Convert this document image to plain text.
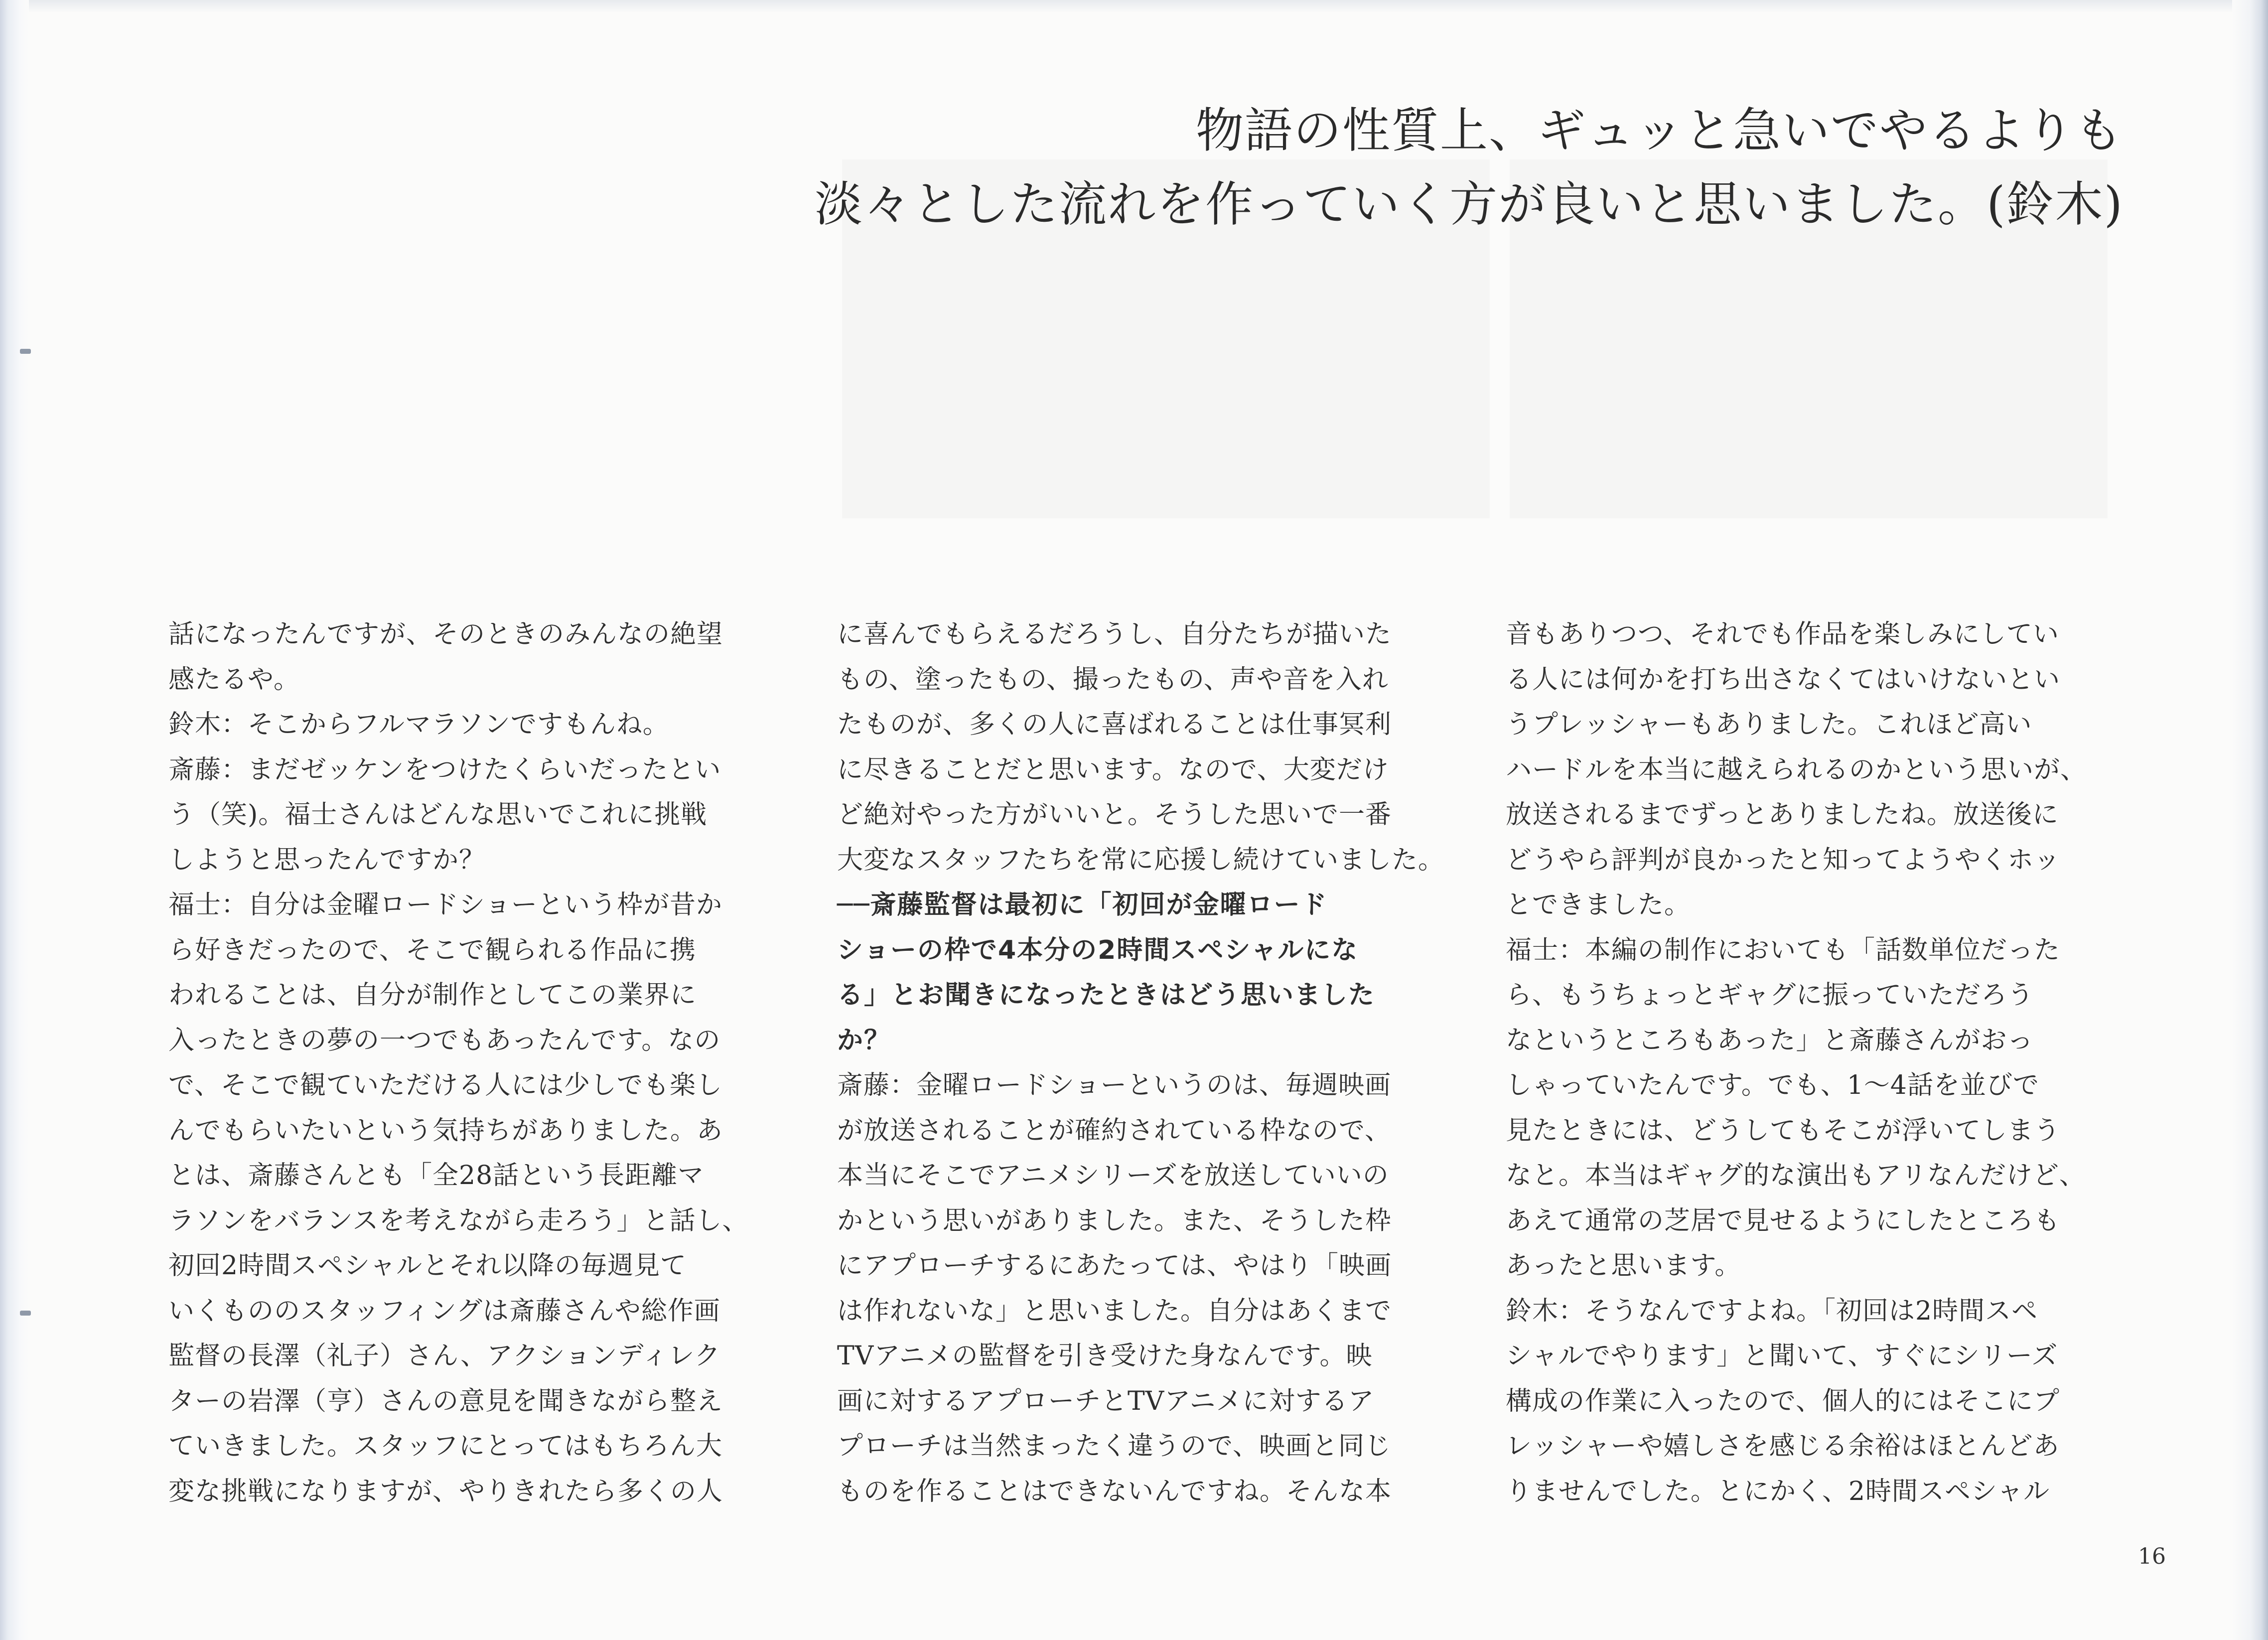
物語の性質上、ギュッと急いでやるよりも
淡々とした流れを作っていく方が良いと思いました。(鈴木)
話になったんですが、そのときのみんなの絶望
感たるや。
鈴木：そこからフルマラソンですもんね。
斎藤：まだゼッケンをつけたくらいだったとい
う（笑)。福士さんはどんな思いでこれに挑戦
しようと思ったんですか？
福士：自分は金曜ロードショーという枠が昔か
ら好きだったので、そこで観られる作品に携
われることは、自分が制作としてこの業界に
入ったときの夢の一つでもあったんです。なの
で、そこで観ていただける人には少しでも楽し
んでもらいたいという気持ちがありました。あ
とは、斎藤さんとも「全28話という長距離マ
ラソンをバランスを考えながら走ろう」と話し、
初回2時間スペシャルとそれ以降の毎週見て
いくもののスタッフィングは斎藤さんや総作画
監督の長澤（礼子）さん、アクションディレク
ターの岩澤（亨）さんの意見を聞きながら整え
ていきました。スタッフにとってはもちろん大
変な挑戦になりますが、やりきれたら多くの人
に喜んでもらえるだろうし、自分たちが描いた
もの、塗ったもの、撮ったもの、声や音を入れ
たものが、多くの人に喜ばれることは仕事冥利
に尽きることだと思います。なので、大変だけ
ど絶対やった方がいいと。そうした思いで一番
大変なスタッフたちを常に応援し続けていました。
──斎藤監督は最初に「初回が金曜ロード
ショーの枠で4本分の2時間スペシャルにな
る」とお聞きになったときはどう思いました
か？
斎藤：金曜ロードショーというのは、毎週映画
が放送されることが確約されている枠なので、
本当にそこでアニメシリーズを放送していいの
かという思いがありました。また、そうした枠
にアプローチするにあたっては、やはり「映画
は作れないな」と思いました。自分はあくまで
TVアニメの監督を引き受けた身なんです。映
画に対するアプローチとTVアニメに対するア
プローチは当然まったく違うので、映画と同じ
ものを作ることはできないんですね。そんな本
音もありつつ、それでも作品を楽しみにしてい
る人には何かを打ち出さなくてはいけないとい
うプレッシャーもありました。これほど高い
ハードルを本当に越えられるのかという思いが、
放送されるまでずっとありましたね。放送後に
どうやら評判が良かったと知ってようやくホッ
とできました。
福士：本編の制作においても「話数単位だった
ら、もうちょっとギャグに振っていただろう
なというところもあった」と斎藤さんがおっ
しゃっていたんです。でも、1〜4話を並びで
見たときには、どうしてもそこが浮いてしまう
なと。本当はギャグ的な演出もアリなんだけど、
あえて通常の芝居で見せるようにしたところも
あったと思います。
鈴木：そうなんですよね。「初回は2時間スペ
シャルでやります」と聞いて、すぐにシリーズ
構成の作業に入ったので、個人的にはそこにプ
レッシャーや嬉しさを感じる余裕はほとんどあ
りませんでした。とにかく、2時間スペシャル
16
